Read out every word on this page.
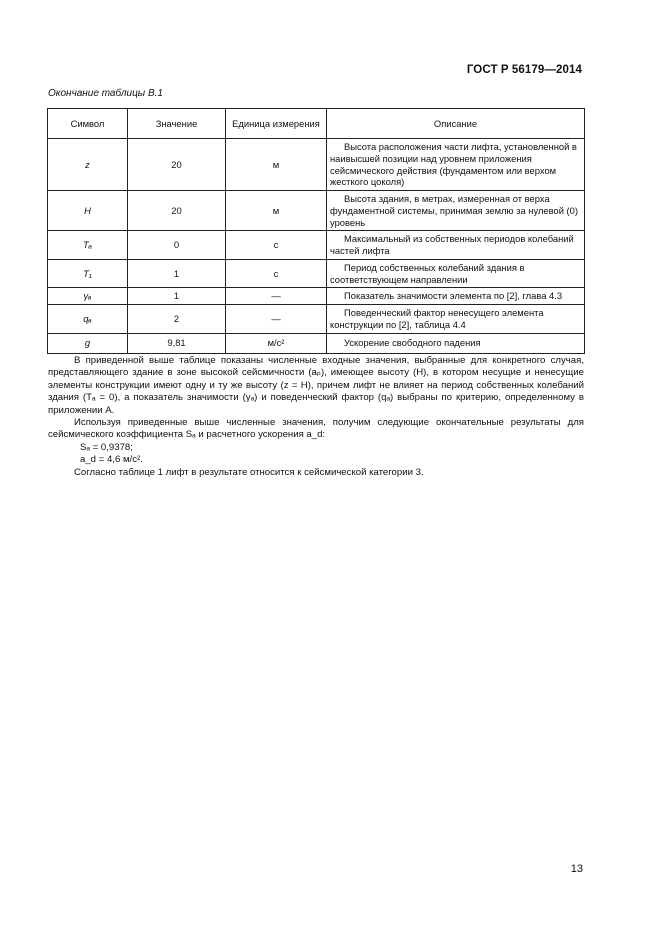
ГОСТ Р 56179—2014
Окончание таблицы В.1
Символ	Значение	Единица измерения	Описание
z	20	м	Высота расположения части лифта, установленной в наивысшей позиции над уровнем приложения сейсмического действия (фундаментом или верхом жесткого цоколя)

H	20	м	Высота здания, в метрах, измеренная от верха фундаментной системы, принимая землю за нулевой (0) уровень

Tₐ	0	с	Максимальный из собственных периодов колебаний частей лифта

T₁	1	с	Период собственных колебаний здания в соответствующем направлении

γₐ	1	—	Показатель значимости элемента по [2], глава 4.3

qₐ	2	—	Поведенческий фактор ненесущего элемента конструкции по [2], таблица 4.4

g	9,81	м/с²	Ускорение свободного падения

В приведенной выше таблице показаны численные входные значения, выбранные для конкретного случая, представляющего здание в зоне высокой сейсмичности (aₚ), имеющее высоту (H), в котором несущие и ненесущие элементы конструкции имеют одну и ту же высоту (z = H), причем лифт не влияет на период собственных колебаний здания (Tₐ = 0), а показатель значимости (γₐ) и поведенческий фактор (qₐ) выбраны по критерию, определенному в приложении А.

Используя приведенные выше численные значения, получим следующие окончательные результаты для сейсмического коэффициента Sₐ и расчетного ускорения a_d:

Sₐ = 0,9378;

a_d = 4,6 м/с².

Согласно таблице 1 лифт в результате относится к сейсмической категории 3.

13
